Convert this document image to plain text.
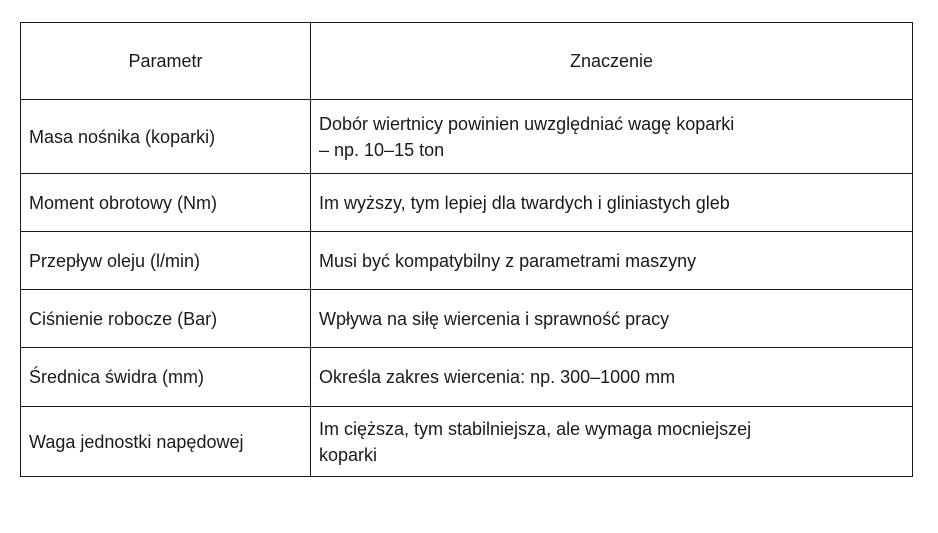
Parametr	Znaczenie
Masa nośnika (koparki)	Dobór wiertnicy powinien uwzględniać wagę koparki
– np. 10–15 ton

Moment obrotowy (Nm)	Im wyższy, tym lepiej dla twardych i gliniastych gleb
Przepływ oleju (l/min)	Musi być kompatybilny z parametrami maszyny
Ciśnienie robocze (Bar)	Wpływa na siłę wiercenia i sprawność pracy
Średnica świdra (mm)	Określa zakres wiercenia: np. 300–1000 mm
Waga jednostki napędowej	Im cięższa, tym stabilniejsza, ale wymaga mocniejszej
koparki
